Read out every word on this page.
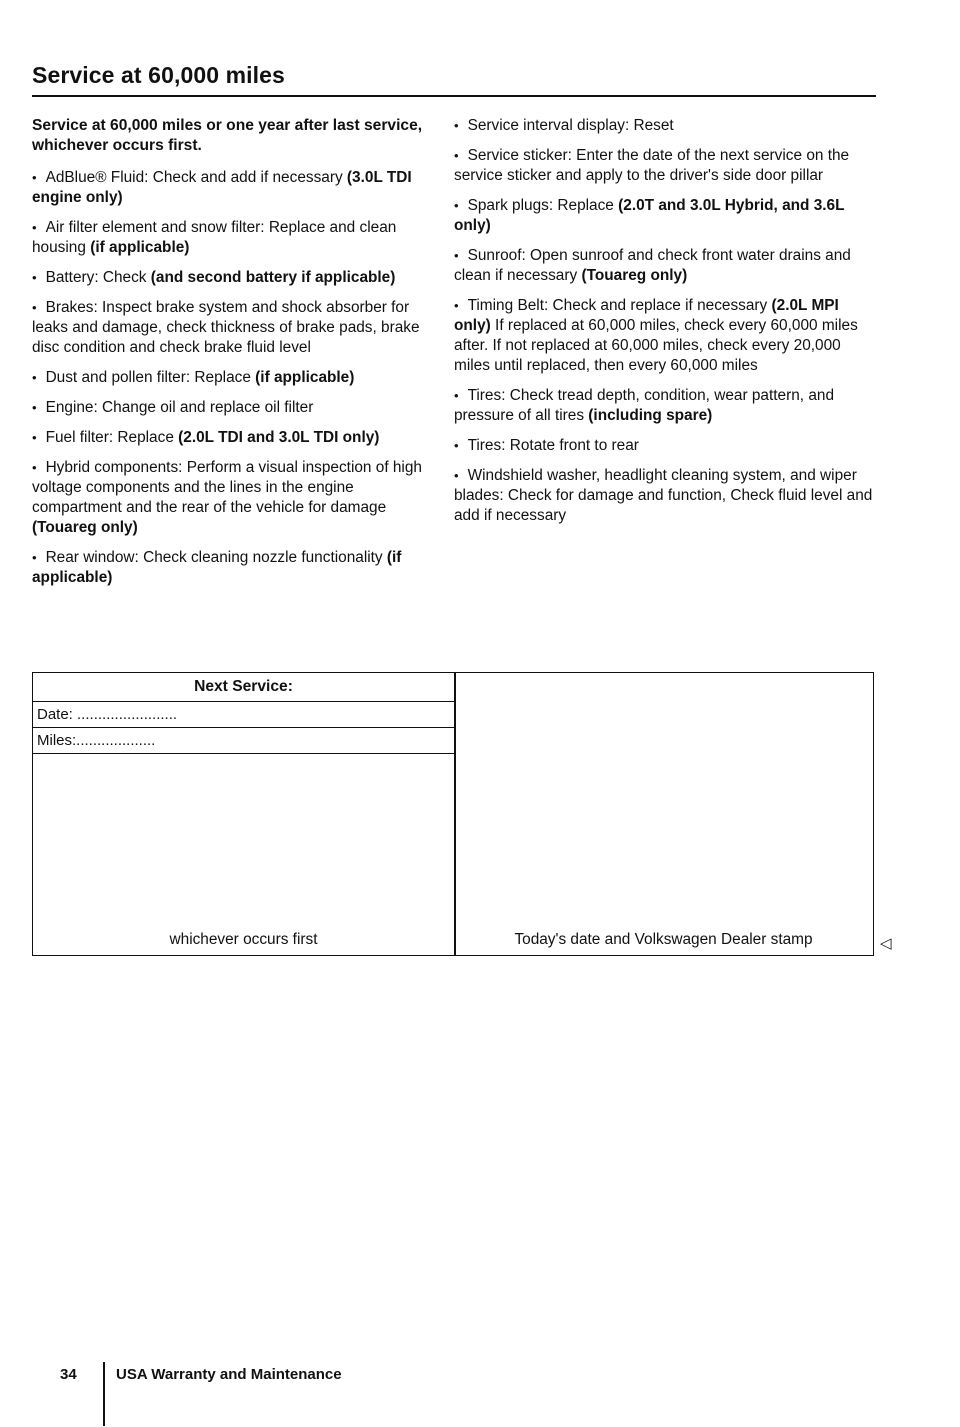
Service at 60,000 miles

Service at 60,000 miles or one year after last service, whichever occurs first.

• AdBlue® Fluid: Check and add if necessary (3.0L TDI engine only)
• Air filter element and snow filter: Replace and clean housing (if applicable)
• Battery: Check (and second battery if applicable)
• Brakes: Inspect brake system and shock absorber for leaks and damage, check thickness of brake pads, brake disc condition and check brake fluid level
• Dust and pollen filter: Replace (if applicable)
• Engine: Change oil and replace oil filter
• Fuel filter: Replace (2.0L TDI and 3.0L TDI only)
• Hybrid components: Perform a visual inspection of high voltage components and the lines in the engine compartment and the rear of the vehicle for damage (Touareg only)
• Rear window: Check cleaning nozzle functionality (if applicable)
• Service interval display: Reset
• Service sticker: Enter the date of the next service on the service sticker and apply to the driver's side door pillar
• Spark plugs: Replace (2.0T and 3.0L Hybrid, and 3.6L only)
• Sunroof: Open sunroof and check front water drains and clean if necessary (Touareg only)
• Timing Belt: Check and replace if necessary (2.0L MPI only) If replaced at 60,000 miles, check every 60,000 miles after. If not replaced at 60,000 miles, check every 20,000 miles until replaced, then every 60,000 miles
• Tires: Check tread depth, condition, wear pattern, and pressure of all tires (including spare)
• Tires: Rotate front to rear
• Windshield washer, headlight cleaning system, and wiper blades: Check for damage and function, Check fluid level and add if necessary
Next Service:
Date: ........................
Miles:...................
whichever occurs first	Today's date and Volkswagen Dealer stamp	◁
34	USA Warranty and Maintenance
